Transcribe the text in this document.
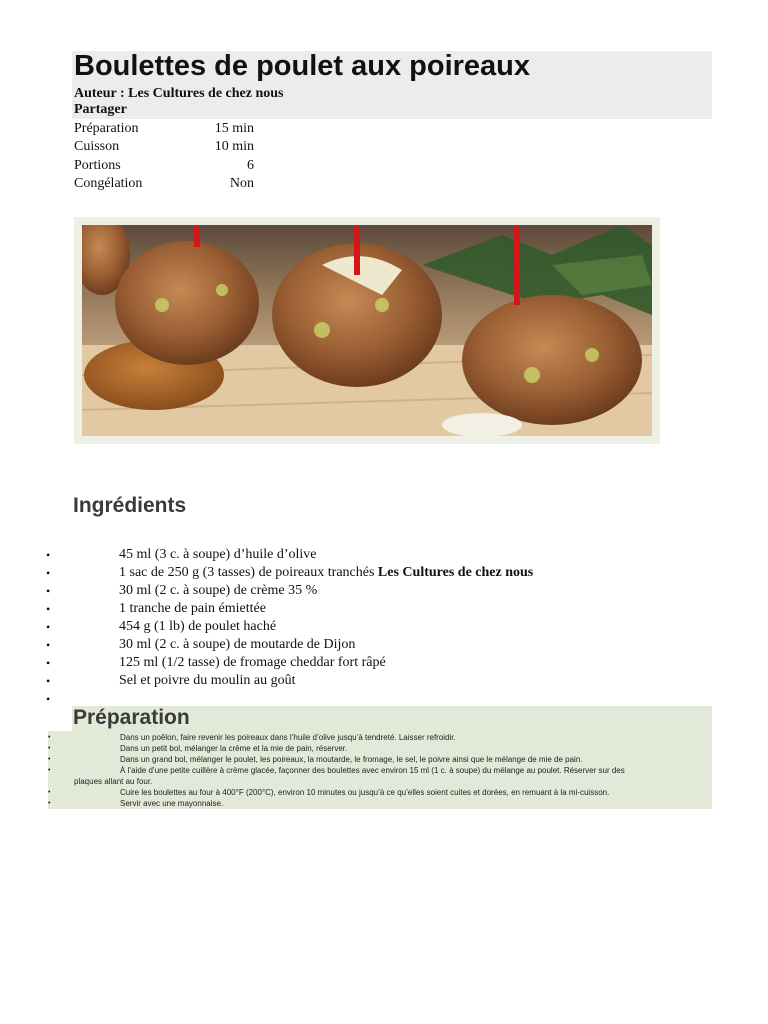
Boulettes de poulet aux poireaux
Auteur : Les Cultures de chez nous
Partager
Préparation	15 min
Cuisson	10 min
Portions	6
Congélation	Non
Ingrédients
•	45 ml (3 c. à soupe) d’huile d’olive
•	1 sac de 250 g (3 tasses) de poireaux tranchés Les Cultures de chez nous
•	30 ml (2 c. à soupe) de crème 35 %
•	1 tranche de pain émiettée
•	454 g (1 lb) de poulet haché
•	30 ml (2 c. à soupe) de moutarde de Dijon
•	125 ml (1/2 tasse) de fromage cheddar fort râpé
•	Sel et poivre du moulin au goût
•
Préparation
•	Dans un poêlon, faire revenir les poireaux dans l’huile d’olive jusqu’à tendreté. Laisser refroidir.
•	Dans un petit bol, mélanger la crème et la mie de pain, réserver.
•	Dans un grand bol, mélanger le poulet, les poireaux, la moutarde, le fromage, le sel, le poivre ainsi que le mélange de mie de pain.
•	À l’aide d’une petite cuillère à crème glacée, façonner des boulettes avec environ 15 ml (1 c. à soupe) du mélange au poulet. Réserver sur des plaques allant au four.
•	Cuire les boulettes au four à 400°F (200°C), environ 10 minutes ou jusqu’à ce qu’elles soient cuites et dorées, en remuant à la mi-cuisson.
•	Servir avec une mayonnaise.
